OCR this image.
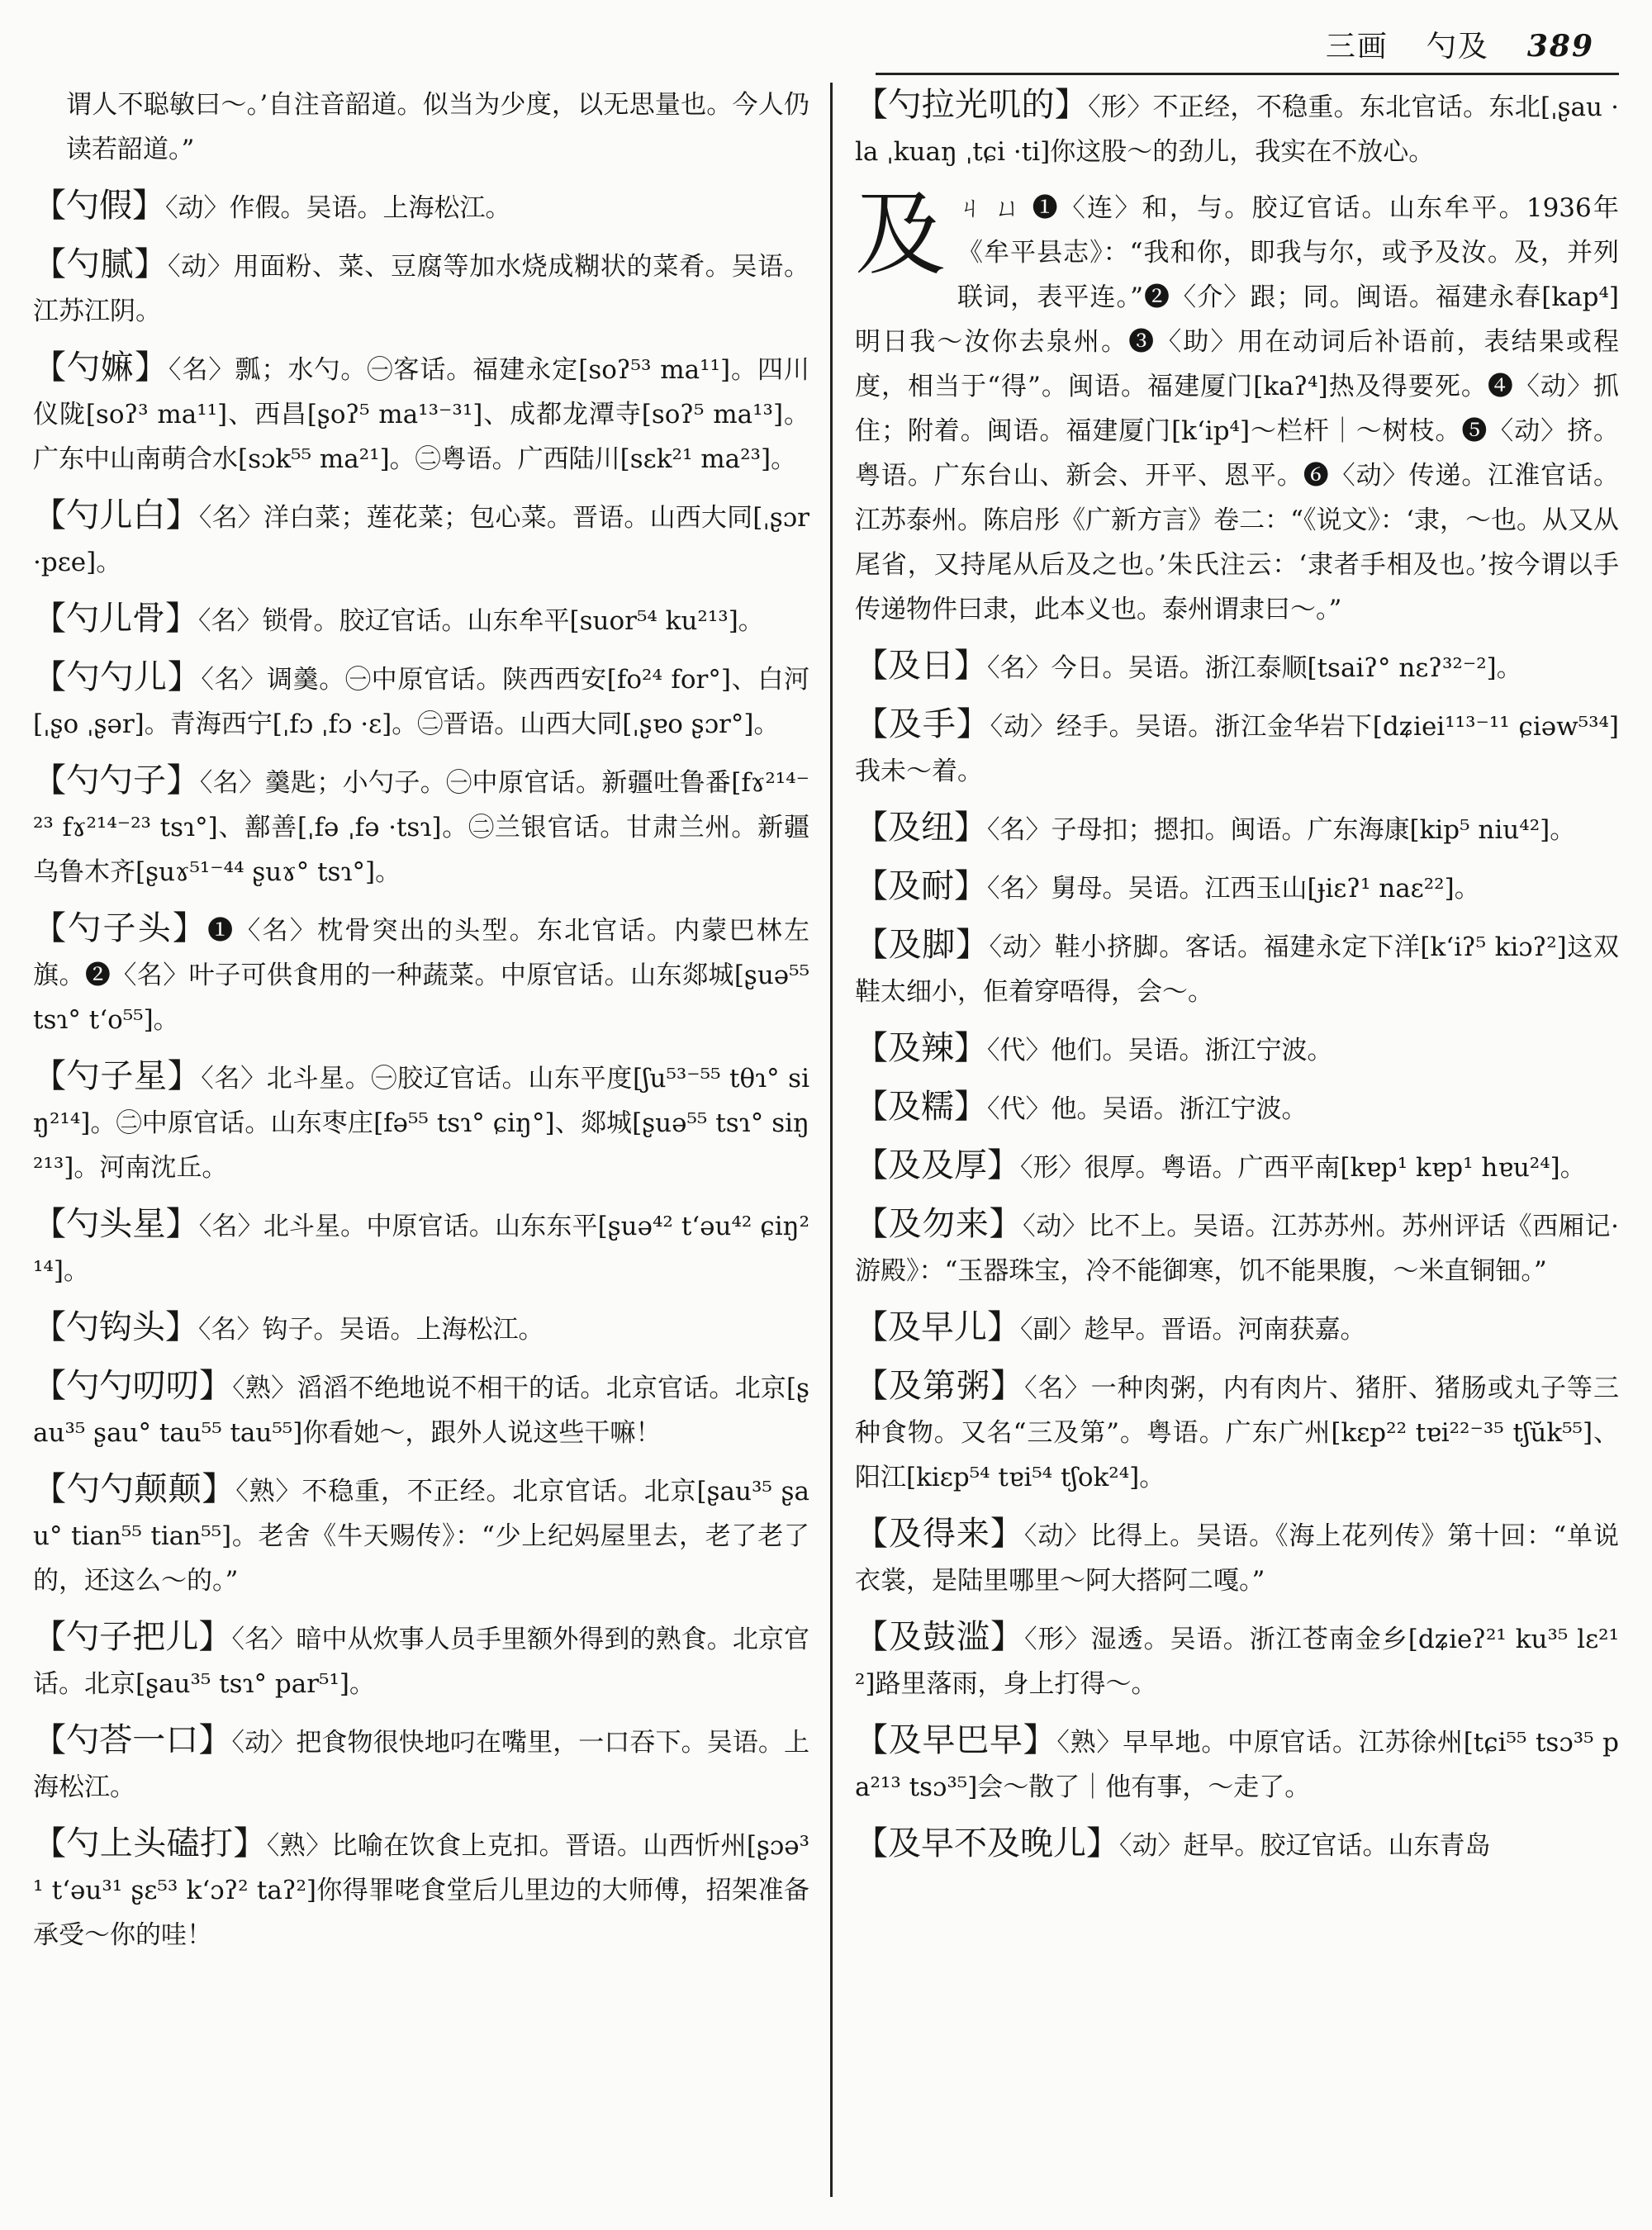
三画 勺及 389

谓人不聪敏曰～。’自注音韶道。似当为少度，以无思量也。今人仍读若韶道。”

【勺假】〈动〉作假。吴语。上海松江。

【勺腻】〈动〉用面粉、菜、豆腐等加水烧成糊状的菜肴。吴语。江苏江阴。

【勺嫲】〈名〉瓢；水勺。㊀客话。福建永定[soʔ⁵³ ma¹¹]。四川仪陇[soʔ³ ma¹¹]、西昌[ʂoʔ⁵ ma¹³⁻³¹]、成都龙潭寺[soʔ⁵ ma¹³]。广东中山南萌合水[sɔk⁵⁵ ma²¹]。㊁粤语。广西陆川[sɛk²¹ ma²³]。

【勺儿白】〈名〉洋白菜；莲花菜；包心菜。晋语。山西大同[ˌʂɔr ·pɛe]。

【勺儿骨】〈名〉锁骨。胶辽官话。山东牟平[suor⁵⁴ ku²¹³]。

【勺勺儿】〈名〉调羹。㊀中原官话。陕西西安[fo²⁴ for°]、白河[ˌʂo ˌʂər]。青海西宁[ˌfɔ ˌfɔ ·ɛ]。㊁晋语。山西大同[ˌʂɐo ʂɔr°]。

【勺勺子】〈名〉羹匙；小勺子。㊀中原官话。新疆吐鲁番[fɤ²¹⁴⁻²³ fɤ²¹⁴⁻²³ tsɿ°]、鄯善[ˌfə ˌfə ·tsɿ]。㊁兰银官话。甘肃兰州。新疆乌鲁木齐[ʂuɤ⁵¹⁻⁴⁴ ʂuɤ° tsɿ°]。

【勺子头】❶〈名〉枕骨突出的头型。东北官话。内蒙巴林左旗。❷〈名〉叶子可供食用的一种蔬菜。中原官话。山东郯城[ʂuə⁵⁵ tsɿ° t‘o⁵⁵]。

【勺子星】〈名〉北斗星。㊀胶辽官话。山东平度[ʃu⁵³⁻⁵⁵ tθɿ° siŋ²¹⁴]。㊁中原官话。山东枣庄[fə⁵⁵ tsɿ° ɕiŋ°]、郯城[ʂuə⁵⁵ tsɿ° siŋ²¹³]。河南沈丘。

【勺头星】〈名〉北斗星。中原官话。山东东平[ʂuə⁴² t‘əu⁴² ɕiŋ²¹⁴]。

【勺钩头】〈名〉钩子。吴语。上海松江。

【勺勺叨叨】〈熟〉滔滔不绝地说不相干的话。北京官话。北京[ʂau³⁵ ʂau° tau⁵⁵ tau⁵⁵]你看她～，跟外人说这些干嘛！

【勺勺颠颠】〈熟〉不稳重，不正经。北京官话。北京[ʂau³⁵ ʂau° tian⁵⁵ tian⁵⁵]。老舍《牛天赐传》：“少上纪妈屋里去，老了老了的，还这么～的。”

【勺子把儿】〈名〉暗中从炊事人员手里额外得到的熟食。北京官话。北京[ʂau³⁵ tsɿ° par⁵¹]。

【勺荅一口】〈动〉把食物很快地叼在嘴里，一口吞下。吴语。上海松江。

【勺上头磕打】〈熟〉比喻在饮食上克扣。晋语。山西忻州[ʂɔə³¹ t‘əu³¹ ʂɛ⁵³ k‘ɔʔ² taʔ²]你得罪咾食堂后儿里边的大师傅，招架准备承受～你的哇！

【勺拉光叽的】〈形〉不正经，不稳重。东北官话。东北[ˌʂau ·la ˌkuaŋ ˌtɕi ·ti]你这股～的劲儿，我实在不放心。

及ㄐ ㄩ ❶〈连〉和，与。胶辽官话。山东牟平。1936年《牟平县志》：“我和你，即我与尔，或予及汝。及，并列联词，表平连。”❷〈介〉跟；同。闽语。福建永春[kap⁴]明日我～汝你去泉州。❸〈助〉用在动词后补语前，表结果或程度，相当于“得”。闽语。福建厦门[kaʔ⁴]热及得要死。❹〈动〉抓住；附着。闽语。福建厦门[k‘ip⁴]～栏杆｜～树枝。❺〈动〉挤。粤语。广东台山、新会、开平、恩平。❻〈动〉传递。江淮官话。江苏泰州。陈启彤《广新方言》卷二：“《说文》：‘隶，～也。从又从尾省，又持尾从后及之也。’朱氏注云：‘隶者手相及也。’按今谓以手传递物件曰隶，此本义也。泰州谓隶曰～。”

【及日】〈名〉今日。吴语。浙江泰顺[tsaiʔ° nɛʔ³²⁻²]。

【及手】〈动〉经手。吴语。浙江金华岩下[dʑiei¹¹³⁻¹¹ ɕiəw⁵³⁴]我未～着。

【及纽】〈名〉子母扣；摁扣。闽语。广东海康[kip⁵ niu⁴²]。

【及耐】〈名〉舅母。吴语。江西玉山[ɟiɛʔ¹ naɛ²²]。

【及脚】〈动〉鞋小挤脚。客话。福建永定下洋[k‘iʔ⁵ kiɔʔ²]这双鞋太细小，佢着穿唔得，会～。

【及辣】〈代〉他们。吴语。浙江宁波。

【及糯】〈代〉他。吴语。浙江宁波。

【及及厚】〈形〉很厚。粤语。广西平南[kɐp¹ kɐp¹ hɐu²⁴]。

【及勿来】〈动〉比不上。吴语。江苏苏州。苏州评话《西厢记·游殿》：“玉器珠宝，冷不能御寒，饥不能果腹，～米直铜钿。”

【及早儿】〈副〉趁早。晋语。河南获嘉。

【及第粥】〈名〉一种肉粥，内有肉片、猪肝、猪肠或丸子等三种食物。又名“三及第”。粤语。广东广州[kɛp²² tɐi²²⁻³⁵ tʃŭk⁵⁵]、阳江[kiɛp⁵⁴ tɐi⁵⁴ tʃok²⁴]。

【及得来】〈动〉比得上。吴语。《海上花列传》第十回：“单说衣裳，是陆里哪里～阿大搭阿二嘎。”

【及鼓滥】〈形〉湿透。吴语。浙江苍南金乡[dʑieʔ²¹ ku³⁵ lɛ²¹²]路里落雨，身上打得～。

【及早巴早】〈熟〉早早地。中原官话。江苏徐州[tɕi⁵⁵ tsɔ³⁵ pa²¹³ tsɔ³⁵]会～散了｜他有事，～走了。

【及早不及晚儿】〈动〉赶早。胶辽官话。山东青岛
